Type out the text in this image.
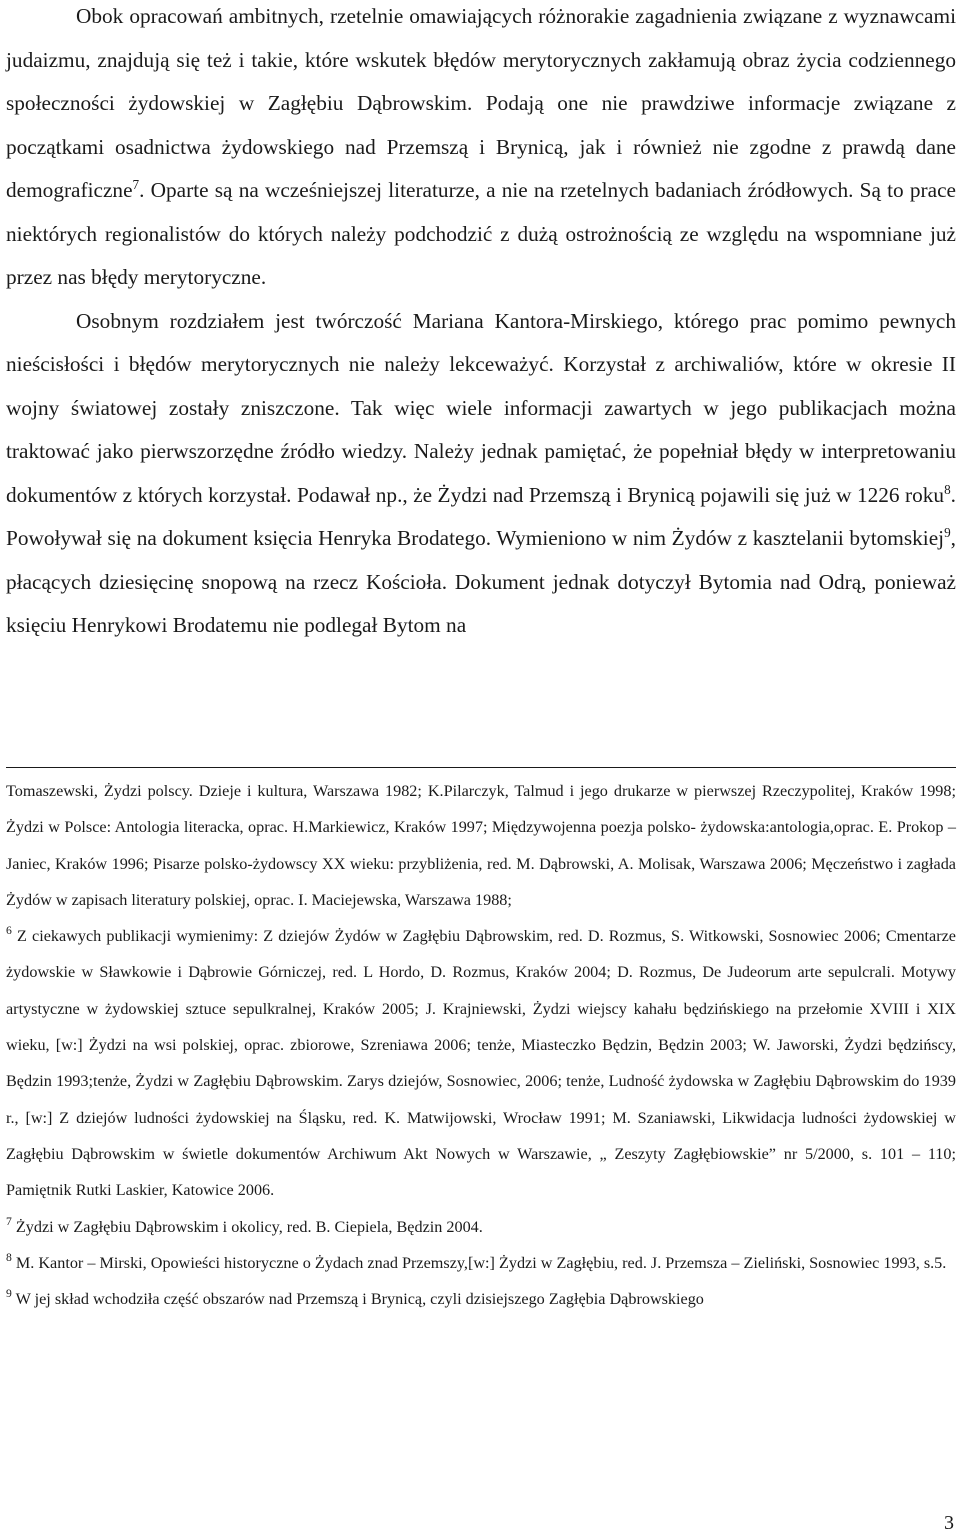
Obok opracowań ambitnych, rzetelnie omawiających różnorakie zagadnienia związane z wyznawcami judaizmu, znajdują się też i takie, które wskutek błędów merytorycznych zakłamują obraz życia codziennego społeczności żydowskiej w Zagłębiu Dąbrowskim. Podają one nie prawdziwe informacje związane z początkami osadnictwa żydowskiego nad Przemszą i Brynicą, jak i również nie zgodne z prawdą dane demograficzne$^7$. Oparte są na wcześniejszej literaturze, a nie na rzetelnych badaniach źródłowych. Są to prace niektórych regionalistów do których należy podchodzić z dużą ostrożnością ze względu na wspomniane już przez nas błędy merytoryczne.

Osobnym rozdziałem jest twórczość Mariana Kantora-Mirskiego, którego prac pomimo pewnych nieścisłości i błędów merytorycznych nie należy lekceważyć. Korzystał z archiwaliów, które w okresie II wojny światowej zostały zniszczone. Tak więc wiele informacji zawartych w jego publikacjach można traktować jako pierwszorzędne źródło wiedzy. Należy jednak pamiętać, że popełniał błędy w interpretowaniu dokumentów z których korzystał. Podawał np., że Żydzi nad Przemszą i Brynicą pojawili się już w 1226 roku$^8$. Powoływał się na dokument księcia Henryka Brodatego. Wymieniono w nim Żydów z kasztelanii bytomskiej$^9$, płacących dziesięcinę snopową na rzecz Kościoła. Dokument jednak dotyczył Bytomia nad Odrą, ponieważ księciu Henrykowi Brodatemu nie podlegał Bytom na

Tomaszewski, Żydzi polscy. Dzieje i kultura, Warszawa 1982; K.Pilarczyk, Talmud i jego drukarze w pierwszej Rzeczypolitej, Kraków 1998; Żydzi w Polsce: Antologia literacka, oprac. H.Markiewicz, Kraków 1997; Międzywojenna poezja polsko- żydowska:antologia,oprac. E. Prokop – Janiec, Kraków 1996; Pisarze polsko-żydowscy XX wieku: przybliżenia, red. M. Dąbrowski, A. Molisak, Warszawa 2006; Męczeństwo i zagłada Żydów w zapisach literatury polskiej, oprac. I. Maciejewska, Warszawa 1988;

$^6$ Z ciekawych publikacji wymienimy: Z dziejów Żydów w Zagłębiu Dąbrowskim, red. D. Rozmus, S. Witkowski, Sosnowiec 2006; Cmentarze żydowskie w Sławkowie i Dąbrowie Górniczej, red. L Hordo, D. Rozmus, Kraków 2004; D. Rozmus, De Judeorum arte sepulcrali. Motywy artystyczne w żydowskiej sztuce sepulkralnej, Kraków 2005; J. Krajniewski, Żydzi wiejscy kahału będzińskiego na przełomie XVIII i XIX wieku, [w:] Żydzi na wsi polskiej, oprac. zbiorowe, Szreniawa 2006; tenże, Miasteczko Będzin, Będzin 2003; W. Jaworski, Żydzi będzińscy, Będzin 1993;tenże, Żydzi w Zagłębiu Dąbrowskim. Zarys dziejów, Sosnowiec, 2006; tenże, Ludność żydowska w Zagłębiu Dąbrowskim do 1939 r., [w:] Z dziejów ludności żydowskiej na Śląsku, red. K. Matwijowski, Wrocław 1991; M. Szaniawski, Likwidacja ludności żydowskiej w Zagłębiu Dąbrowskim w świetle dokumentów Archiwum Akt Nowych w Warszawie, „ Zeszyty Zagłębiowskie” nr 5/2000, s. 101 – 110; Pamiętnik Rutki Laskier, Katowice 2006.

$^7$ Żydzi w Zagłębiu Dąbrowskim i okolicy, red. B. Ciepiela, Będzin 2004.

$^8$ M. Kantor – Mirski, Opowieści historyczne o Żydach znad Przemszy,[w:] Żydzi w Zagłębiu, red. J. Przemsza – Zieliński, Sosnowiec 1993, s.5.

$^9$ W jej skład wchodziła część obszarów nad Przemszą i Brynicą, czyli dzisiejszego Zagłębia Dąbrowskiego

3
